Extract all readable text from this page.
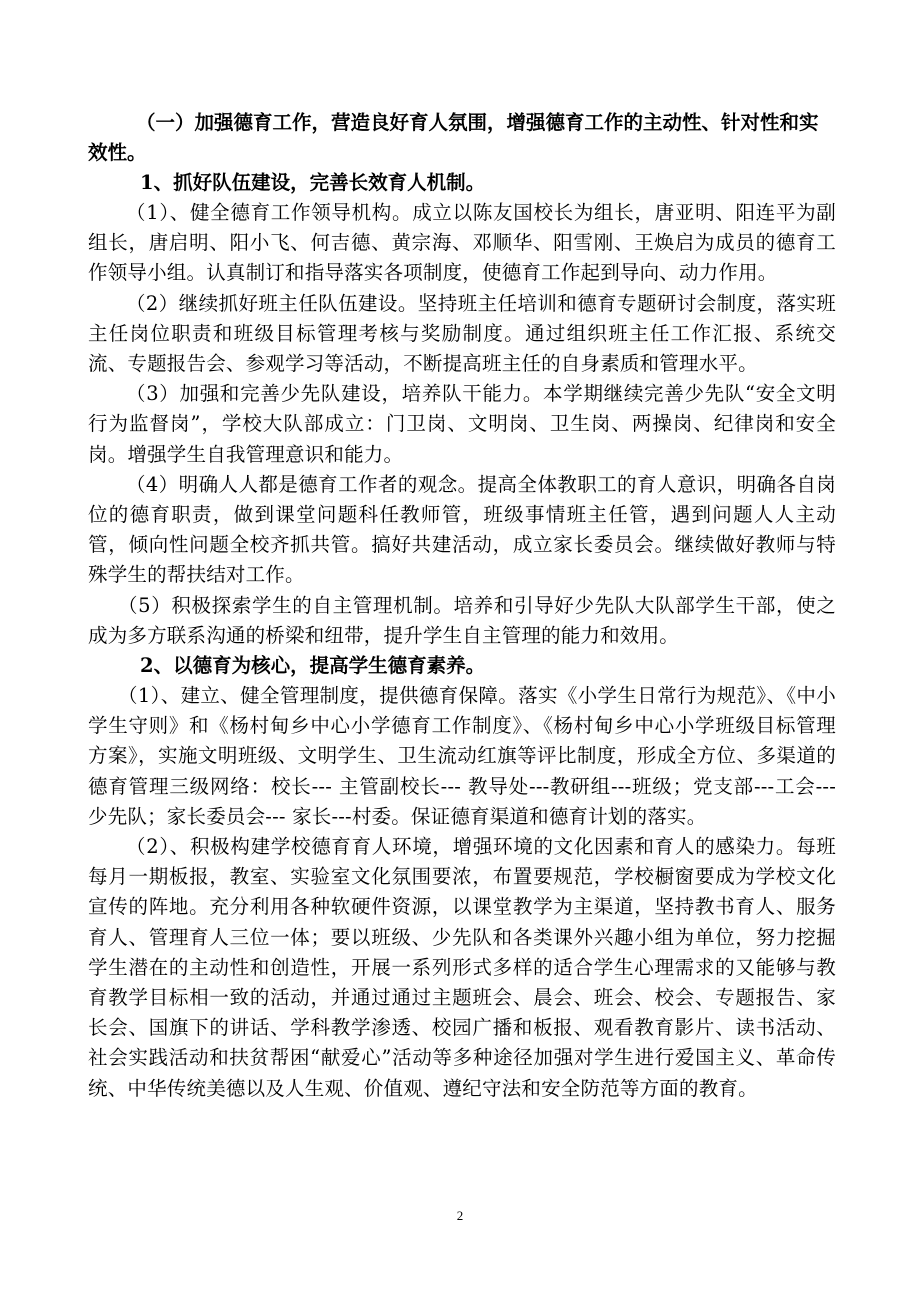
（一）加强德育工作，营造良好育人氛围，增强德育工作的主动性、针对性和实效性。

1、抓好队伍建设，完善长效育人机制。

（1）、健全德育工作领导机构。成立以陈友国校长为组长，唐亚明、阳连平为副组长，唐启明、阳小飞、何吉德、黄宗海、邓顺华、阳雪刚、王焕启为成员的德育工作领导小组。认真制订和指导落实各项制度，使德育工作起到导向、动力作用。

（2）继续抓好班主任队伍建设。坚持班主任培训和德育专题研讨会制度，落实班主任岗位职责和班级目标管理考核与奖励制度。通过组织班主任工作汇报、系统交流、专题报告会、参观学习等活动，不断提高班主任的自身素质和管理水平。

（3）加强和完善少先队建设，培养队干能力。本学期继续完善少先队“安全文明行为监督岗”，学校大队部成立：门卫岗、文明岗、卫生岗、两操岗、纪律岗和安全岗。增强学生自我管理意识和能力。

（4）明确人人都是德育工作者的观念。提高全体教职工的育人意识，明确各自岗位的德育职责，做到课堂问题科任教师管，班级事情班主任管，遇到问题人人主动管，倾向性问题全校齐抓共管。搞好共建活动，成立家长委员会。继续做好教师与特殊学生的帮扶结对工作。

（5）积极探索学生的自主管理机制。培养和引导好少先队大队部学生干部，使之成为多方联系沟通的桥梁和纽带，提升学生自主管理的能力和效用。

2、以德育为核心，提高学生德育素养。

（1）、建立、健全管理制度，提供德育保障。落实《小学生日常行为规范》、《中小学生守则》和《杨村甸乡中心小学德育工作制度》、《杨村甸乡中心小学班级目标管理方案》，实施文明班级、文明学生、卫生流动红旗等评比制度，形成全方位、多渠道的德育管理三级网络：校长--- 主管副校长--- 教导处---教研组---班级；党支部---工会--- 少先队；家长委员会--- 家长---村委。保证德育渠道和德育计划的落实。

（2）、积极构建学校德育育人环境，增强环境的文化因素和育人的感染力。每班每月一期板报，教室、实验室文化氛围要浓，布置要规范，学校橱窗要成为学校文化宣传的阵地。充分利用各种软硬件资源，以课堂教学为主渠道，坚持教书育人、服务育人、管理育人三位一体；要以班级、少先队和各类课外兴趣小组为单位，努力挖掘学生潜在的主动性和创造性，开展一系列形式多样的适合学生心理需求的又能够与教育教学目标相一致的活动，并通过通过主题班会、晨会、班会、校会、专题报告、家长会、国旗下的讲话、学科教学渗透、校园广播和板报、观看教育影片、读书活动、社会实践活动和扶贫帮困“献爱心”活动等多种途径加强对学生进行爱国主义、革命传统、中华传统美德以及人生观、价值观、遵纪守法和安全防范等方面的教育。

2
